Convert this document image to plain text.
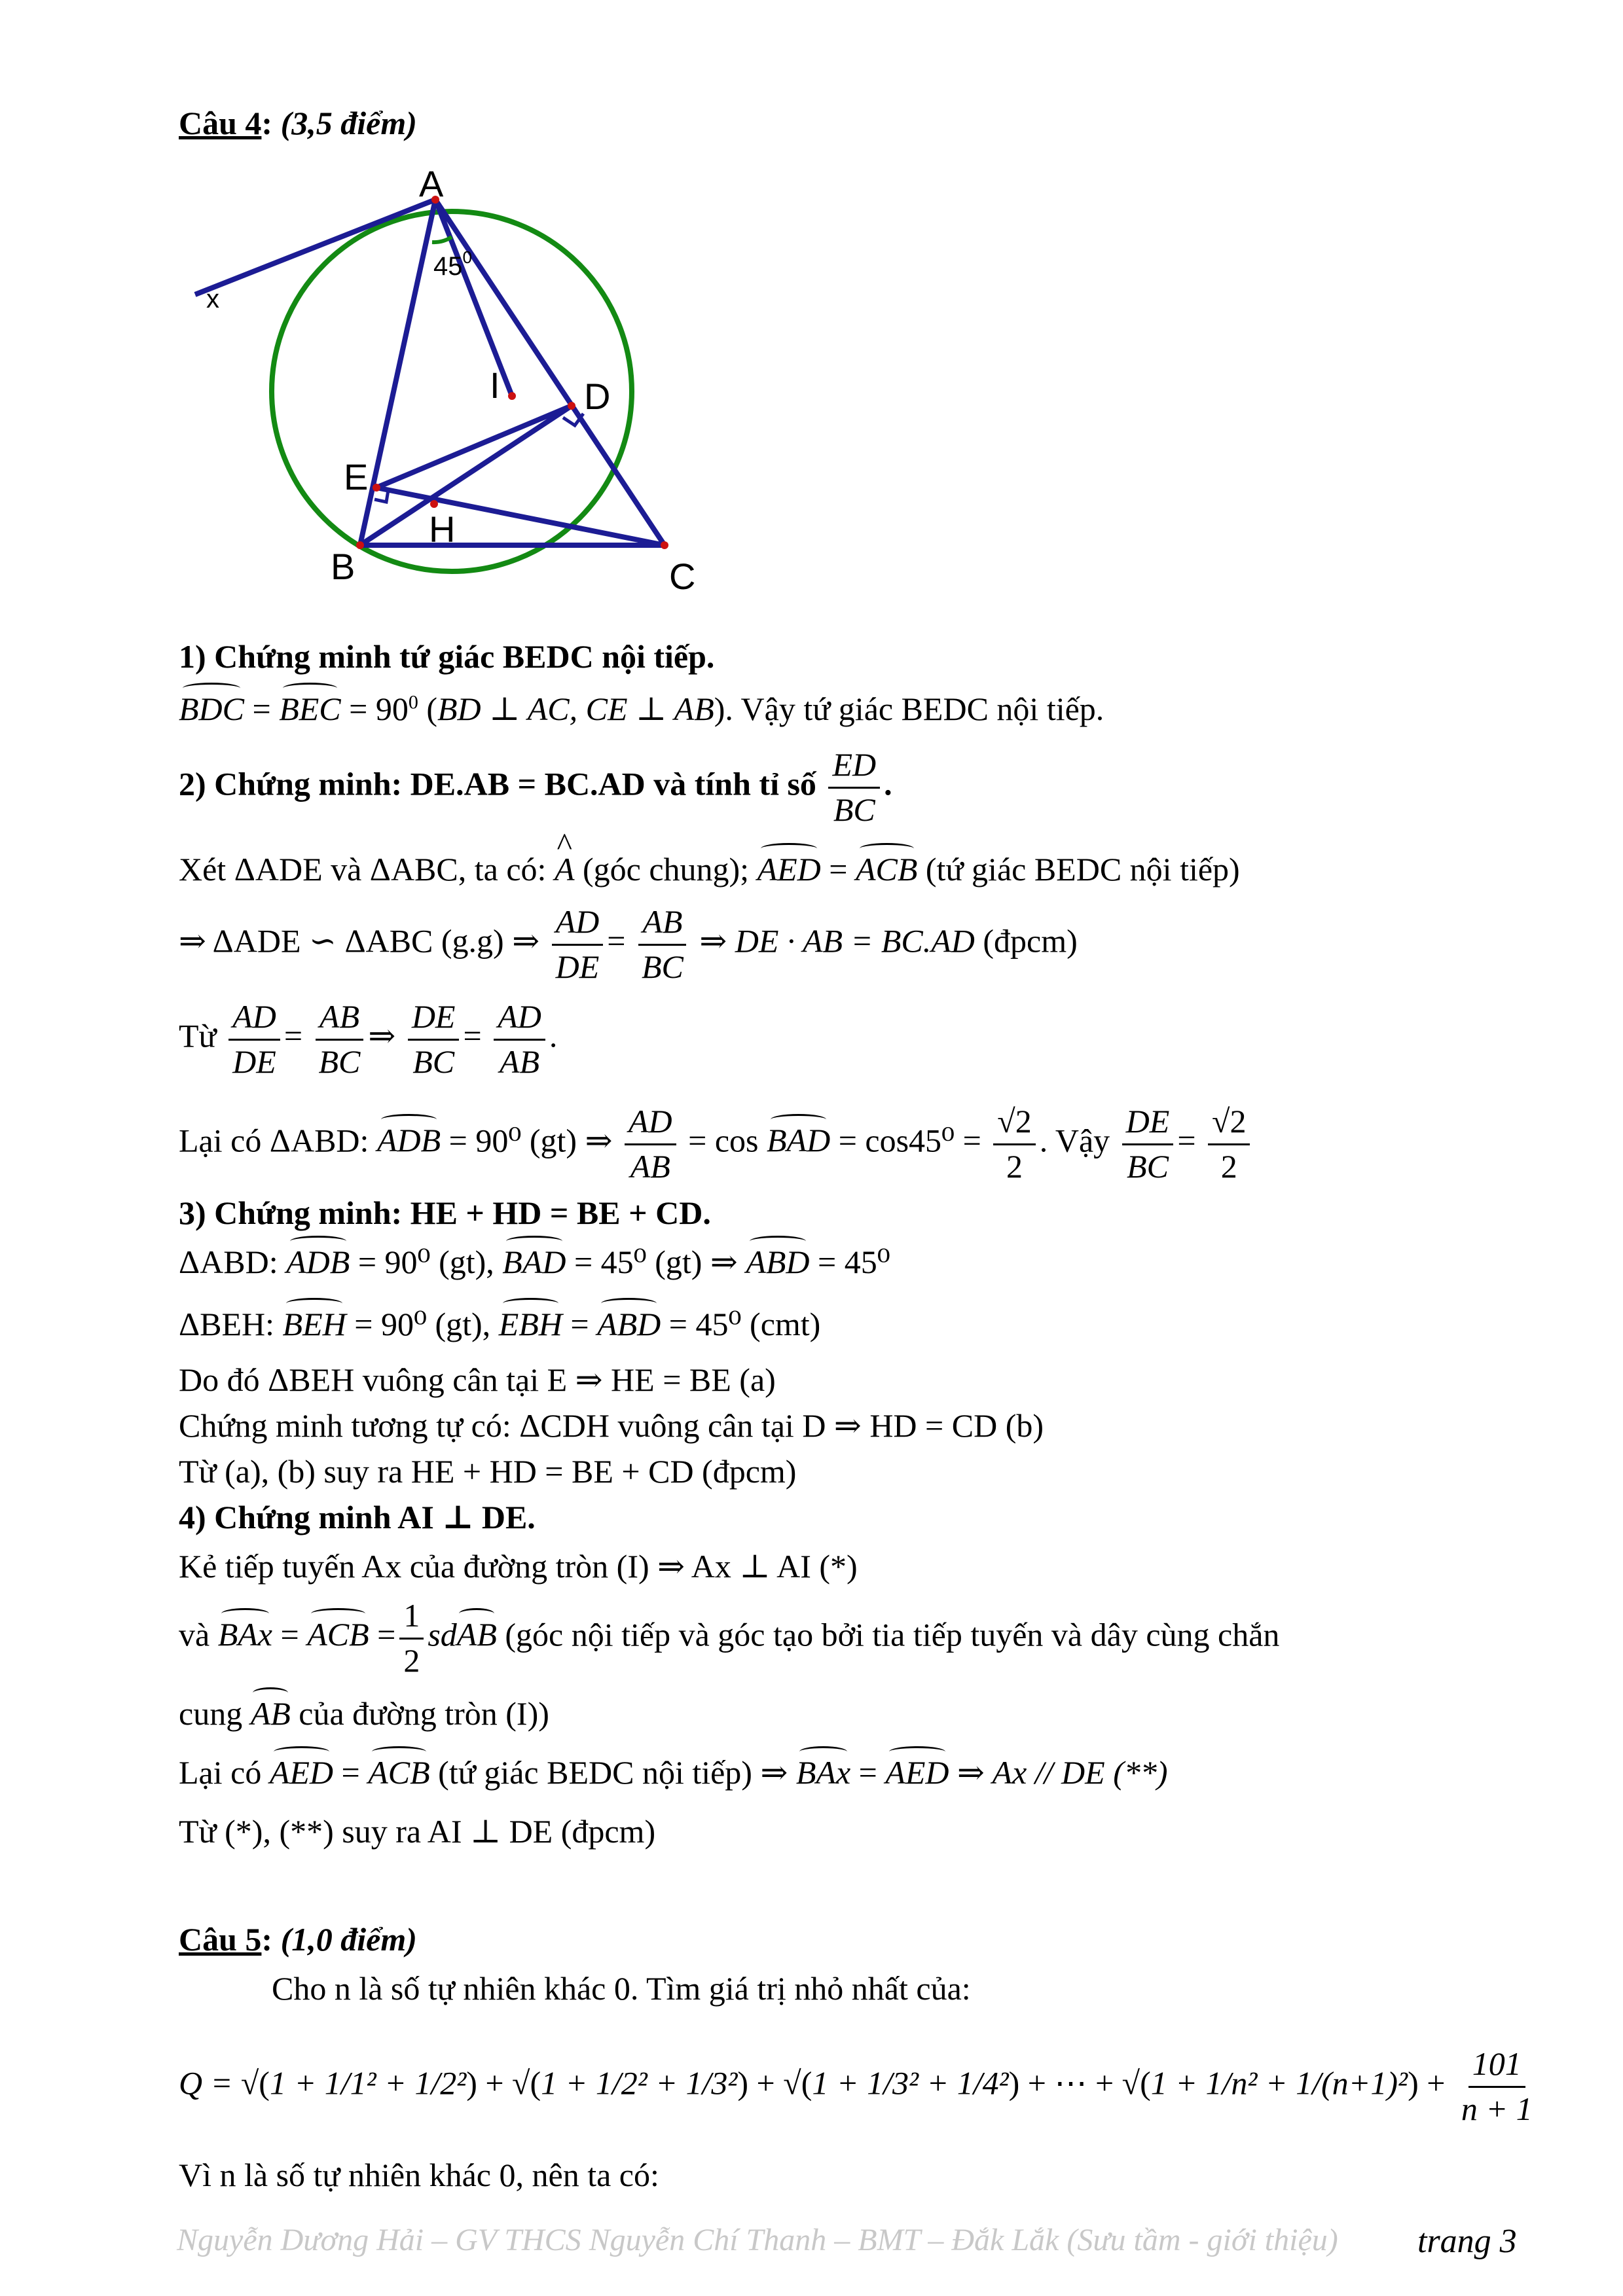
Câu 4: (3,5 điểm)
A
B	C
D
E
H
I
x
$45^0$
1) Chứng minh tứ giác BEDC nội tiếp.
BDC = BEC = $90^0$ (BD ⊥ AC, CE ⊥ AB). Vậy tứ giác BEDC nội tiếp.
2) Chứng minh: DE.AB = BC.AD và tính tỉ số $\frac{ED}{BC}$ .
Xét ΔADE và ΔABC, ta có: ^ A (góc chung); AED = ACB (tứ giác BEDC nội tiếp)
⇒ ΔADE ∽ ΔABC (g.g) ⇒ $\frac{AD}{DE} = \frac{AB}{BC}$ ⇒ DE · AB = BC.AD (đpcm)
Từ $\frac{AD}{DE} = \frac{AB}{BC}$ ⇒ $\frac{DE}{BC} = \frac{AD}{AB}$ .
Lại có ΔABD: ADB = 90⁰ (gt) ⇒ $\frac{AD}{AB} = \cos$ BAD = $\cos 45^0 = \frac{√2}{2}$ . Vậy $\frac{DE}{BC} = \frac{√2}{2}$
3) Chứng minh: HE + HD = BE + CD.
ΔABD: ADB = 90⁰ (gt), BAD = 45⁰ (gt) ⇒ ABD = 45⁰
ΔBEH: BEH = 90⁰ (gt), EBH = ABD = 45⁰ (cmt)
Do đó ΔBEH vuông cân tại E ⇒ HE = BE (a)
Chứng minh tương tự có: ΔCDH vuông cân tại D ⇒ HD = CD (b)
Từ (a), (b) suy ra HE + HD = BE + CD (đpcm)
4) Chứng minh AI ⊥ DE.
Kẻ tiếp tuyến Ax của đường tròn (I) ⇒ Ax ⊥ AI (*)
và BAx = ACB = $\frac{1}{2}$ sdAB (góc nội tiếp và góc tạo bởi tia tiếp tuyến và dây cùng chắn
cung AB của đường tròn (I))
Lại có AED = ACB (tứ giác BEDC nội tiếp) ⇒ BAx = AED ⇒ Ax // DE (**)
Từ (*), (**) suy ra AI ⊥ DE (đpcm)
Câu 5: (1,0 điểm)
Cho n là số tự nhiên khác 0. Tìm giá trị nhỏ nhất của:
Q = √(1 + 1/1² + 1/2²) + √(1 + 1/2² + 1/3²) + √(1 + 1/3² + 1/4²) + ⋯ + $√(1 + 1/n^2 + 1/(n+1)^2) + \frac{101}{n + 1}$
Vì n là số tự nhiên khác 0, nên ta có:
Nguyễn Dương Hải – GV THCS Nguyễn Chí Thanh – BMT – Đắk Lắk (Sưu tầm - giới thiệu) trang 3
